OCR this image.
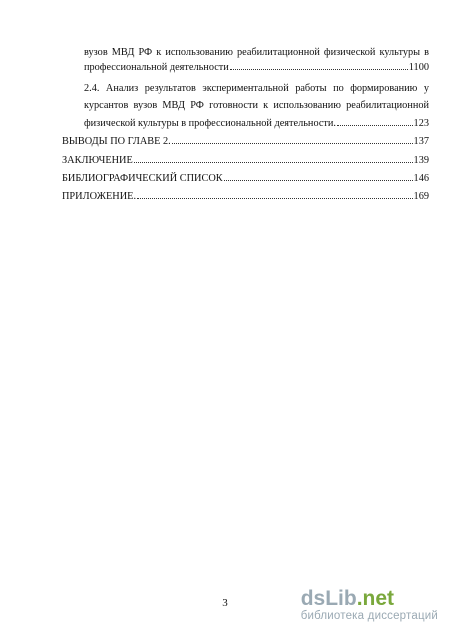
вузов МВД РФ к использованию реабилитационной физической культуры в
профессиональной деятельности	1100
2.4. Анализ результатов экспериментальной работы по формированию у
курсантов вузов МВД РФ готовности к использованию реабилитационной
физической культуры в профессиональной деятельности.	123
ВЫВОДЫ ПО ГЛАВЕ 2.	137
ЗАКЛЮЧЕНИЕ	139
БИБЛИОГРАФИЧЕСКИЙ СПИСОК	146
ПРИЛОЖЕНИЕ.	169
3	dsLib.net
библиотека диссертаций
